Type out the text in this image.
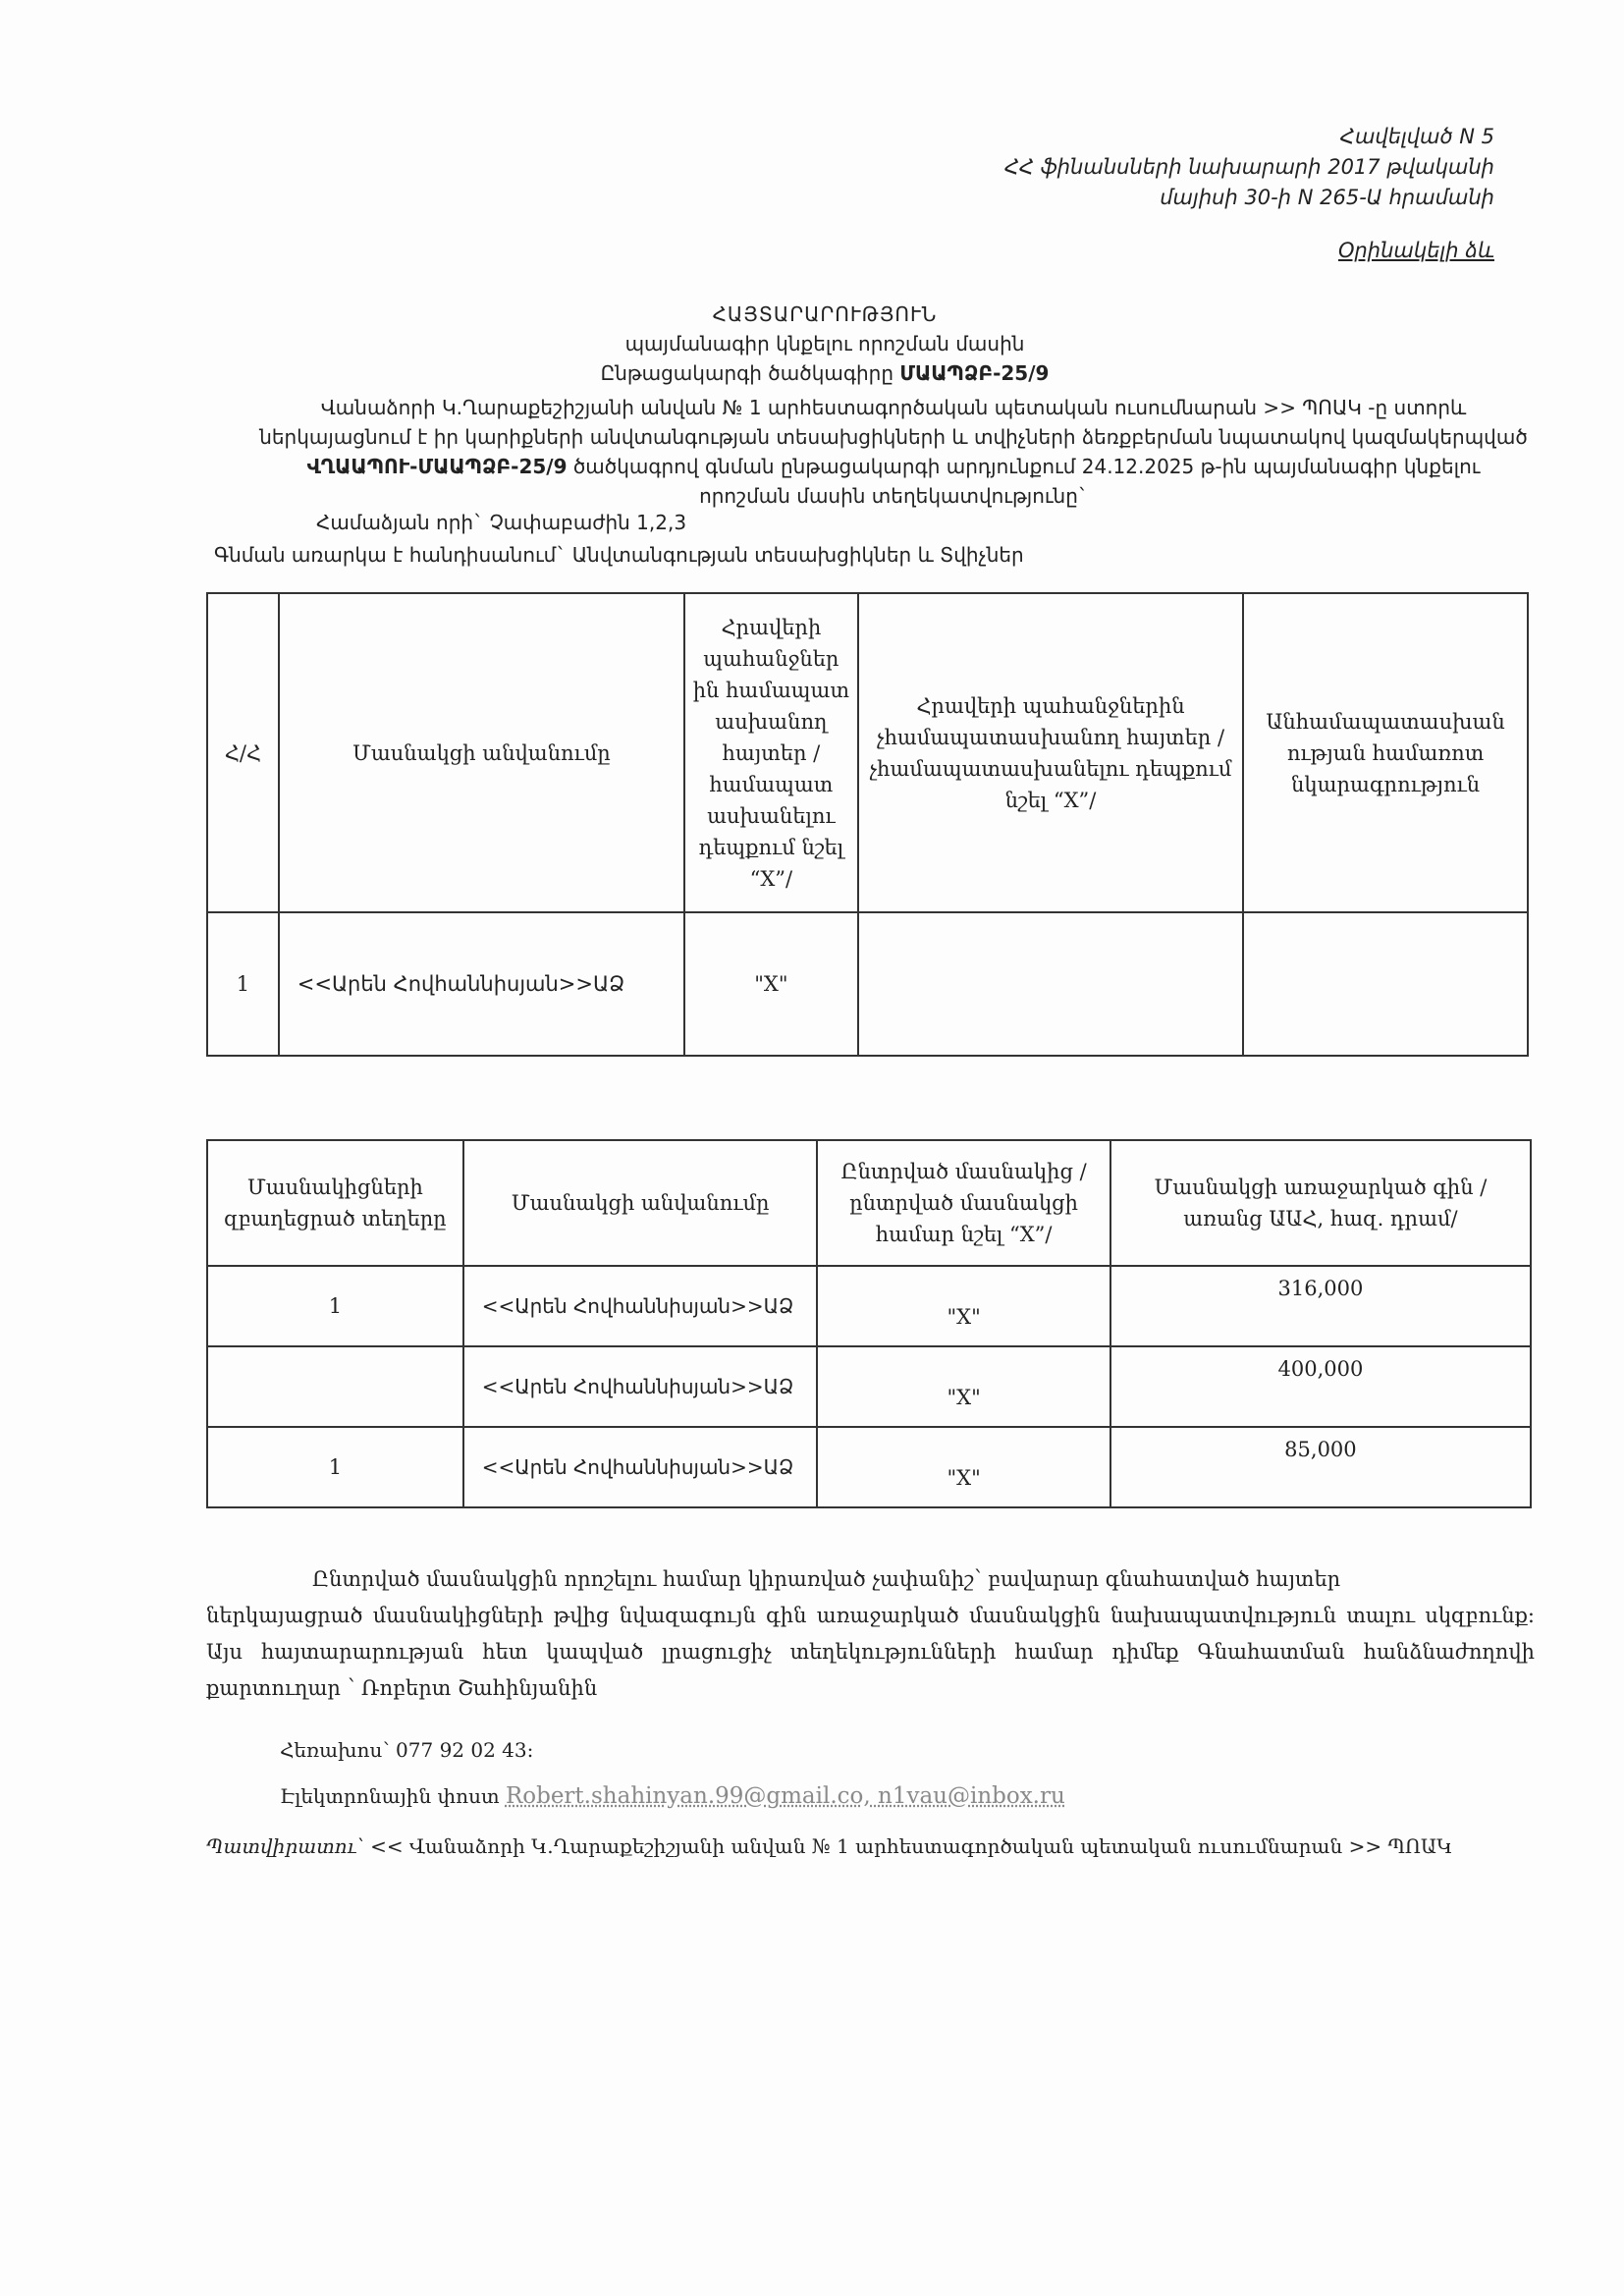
Հավելված N 5
ՀՀ ֆինանսների նախարարի 2017 թվականի
մայիսի 30-ի N 265-Ա հրամանի
Օրինակելի ձև
ՀԱՅՏԱՐԱՐՈՒԹՅՈՒՆ
պայմանագիր կնքելու որոշման մասին
Ընթացակարգի ծածկագիրը ՄԱԱՊՁԲ-25/9
Վանաձորի Կ.Ղարաքեշիշյանի անվան № 1 արհեստագործական պետական ուսումնարան >> ՊՈԱԿ -ը ստորև
ներկայացնում է իր կարիքների անվտանգության տեսախցիկների և տվիչների ձեռքբերման նպատակով կազմակերպված
ՎՂԱԱՊՈՒ-ՄԱԱՊՁԲ-25/9 ծածկագրով գնման ընթացակարգի արդյունքում 24.12.2025 թ-ին պայմանագիր կնքելու
որոշման մասին տեղեկատվությունը`
Համաձյան որի` Չափաբաժին 1,2,3
Գնման առարկա է հանդիսանում` Անվտանգության տեսախցիկներ և Տվիչներ
Հ/Հ	Մասնակցի անվանումը	Հրավերի պահանջներ ին համապատ ասխանող հայտեր /համապատ ասխանելու դեպքում նշել “X”/	Հրավերի պահանջներին չհամապատասխանող հայտեր /չհամապատասխանելու դեպքում նշել “X”/	Անհամապատասխան ության համառոտ նկարագրություն
1	<<Արեն Հովհաննիսյան>>ԱՁ	"X"		
Մասնակիցների զբաղեցրած տեղերը	Մասնակցի անվանումը	Ընտրված մասնակից /ընտրված մասնակցի համար նշել “X”/	Մասնակցի առաջարկած գին /առանց ԱԱՀ, հազ. դրամ/
1	<<Արեն Հովհաննիսյան>>ԱՁ	"X"	316,000
	<<Արեն Հովհաննիսյան>>ԱՁ	"X"	400,000
1	<<Արեն Հովհաննիսյան>>ԱՁ	"X"	85,000
Ընտրված մասնակցին որոշելու համար կիրառված չափանիշ՝ բավարար գնահատված հայտեր
ներկայացրած մասնակիցների թվից նվազագույն գին առաջարկած մասնակցին նախապատվություն տալու սկզբունք: Այս հայտարարության հետ կապված լրացուցիչ տեղեկությունների համար դիմեք Գնահատման հանձնաժողովի քարտուղար ՝ Ռոբերտ Շահինյանին
Հեռախոս՝ 077 92 02 43:
Էլեկտրոնային փոստ Robert.shahinyan.99@gmail.co, n1vau@inbox.ru
Պատվիրատու՝ << Վանաձորի Կ.Ղարաքեշիշյանի անվան № 1 արհեստագործական պետական ուսումնարան >> ՊՈԱԿ
